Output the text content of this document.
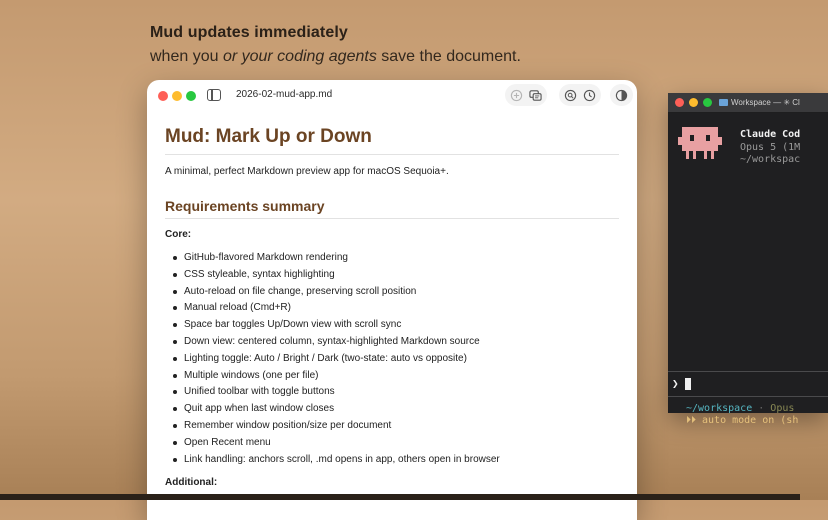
Mud updates immediately
when you or your coding agents save the document.
Workspace — ✳ Cl
Claude Cod
Opus 5 (1M
~/workspac
❯
~/workspace · Opus
⏵⏵ auto mode on (sh
2026-02-mud-app.md
Mud: Mark Up or Down
A minimal, perfect Markdown preview app for macOS Sequoia+.
Requirements summary
Core:
GitHub-flavored Markdown rendering
CSS styleable, syntax highlighting
Auto-reload on file change, preserving scroll position
Manual reload (Cmd+R)
Space bar toggles Up/Down view with scroll sync
Down view: centered column, syntax-highlighted Markdown source
Lighting toggle: Auto / Bright / Dark (two-state: auto vs opposite)
Multiple windows (one per file)
Unified toolbar with toggle buttons
Quit app when last window closes
Remember window position/size per document
Open Recent menu
Link handling: anchors scroll, .md opens in app, others open in browser
Additional:
